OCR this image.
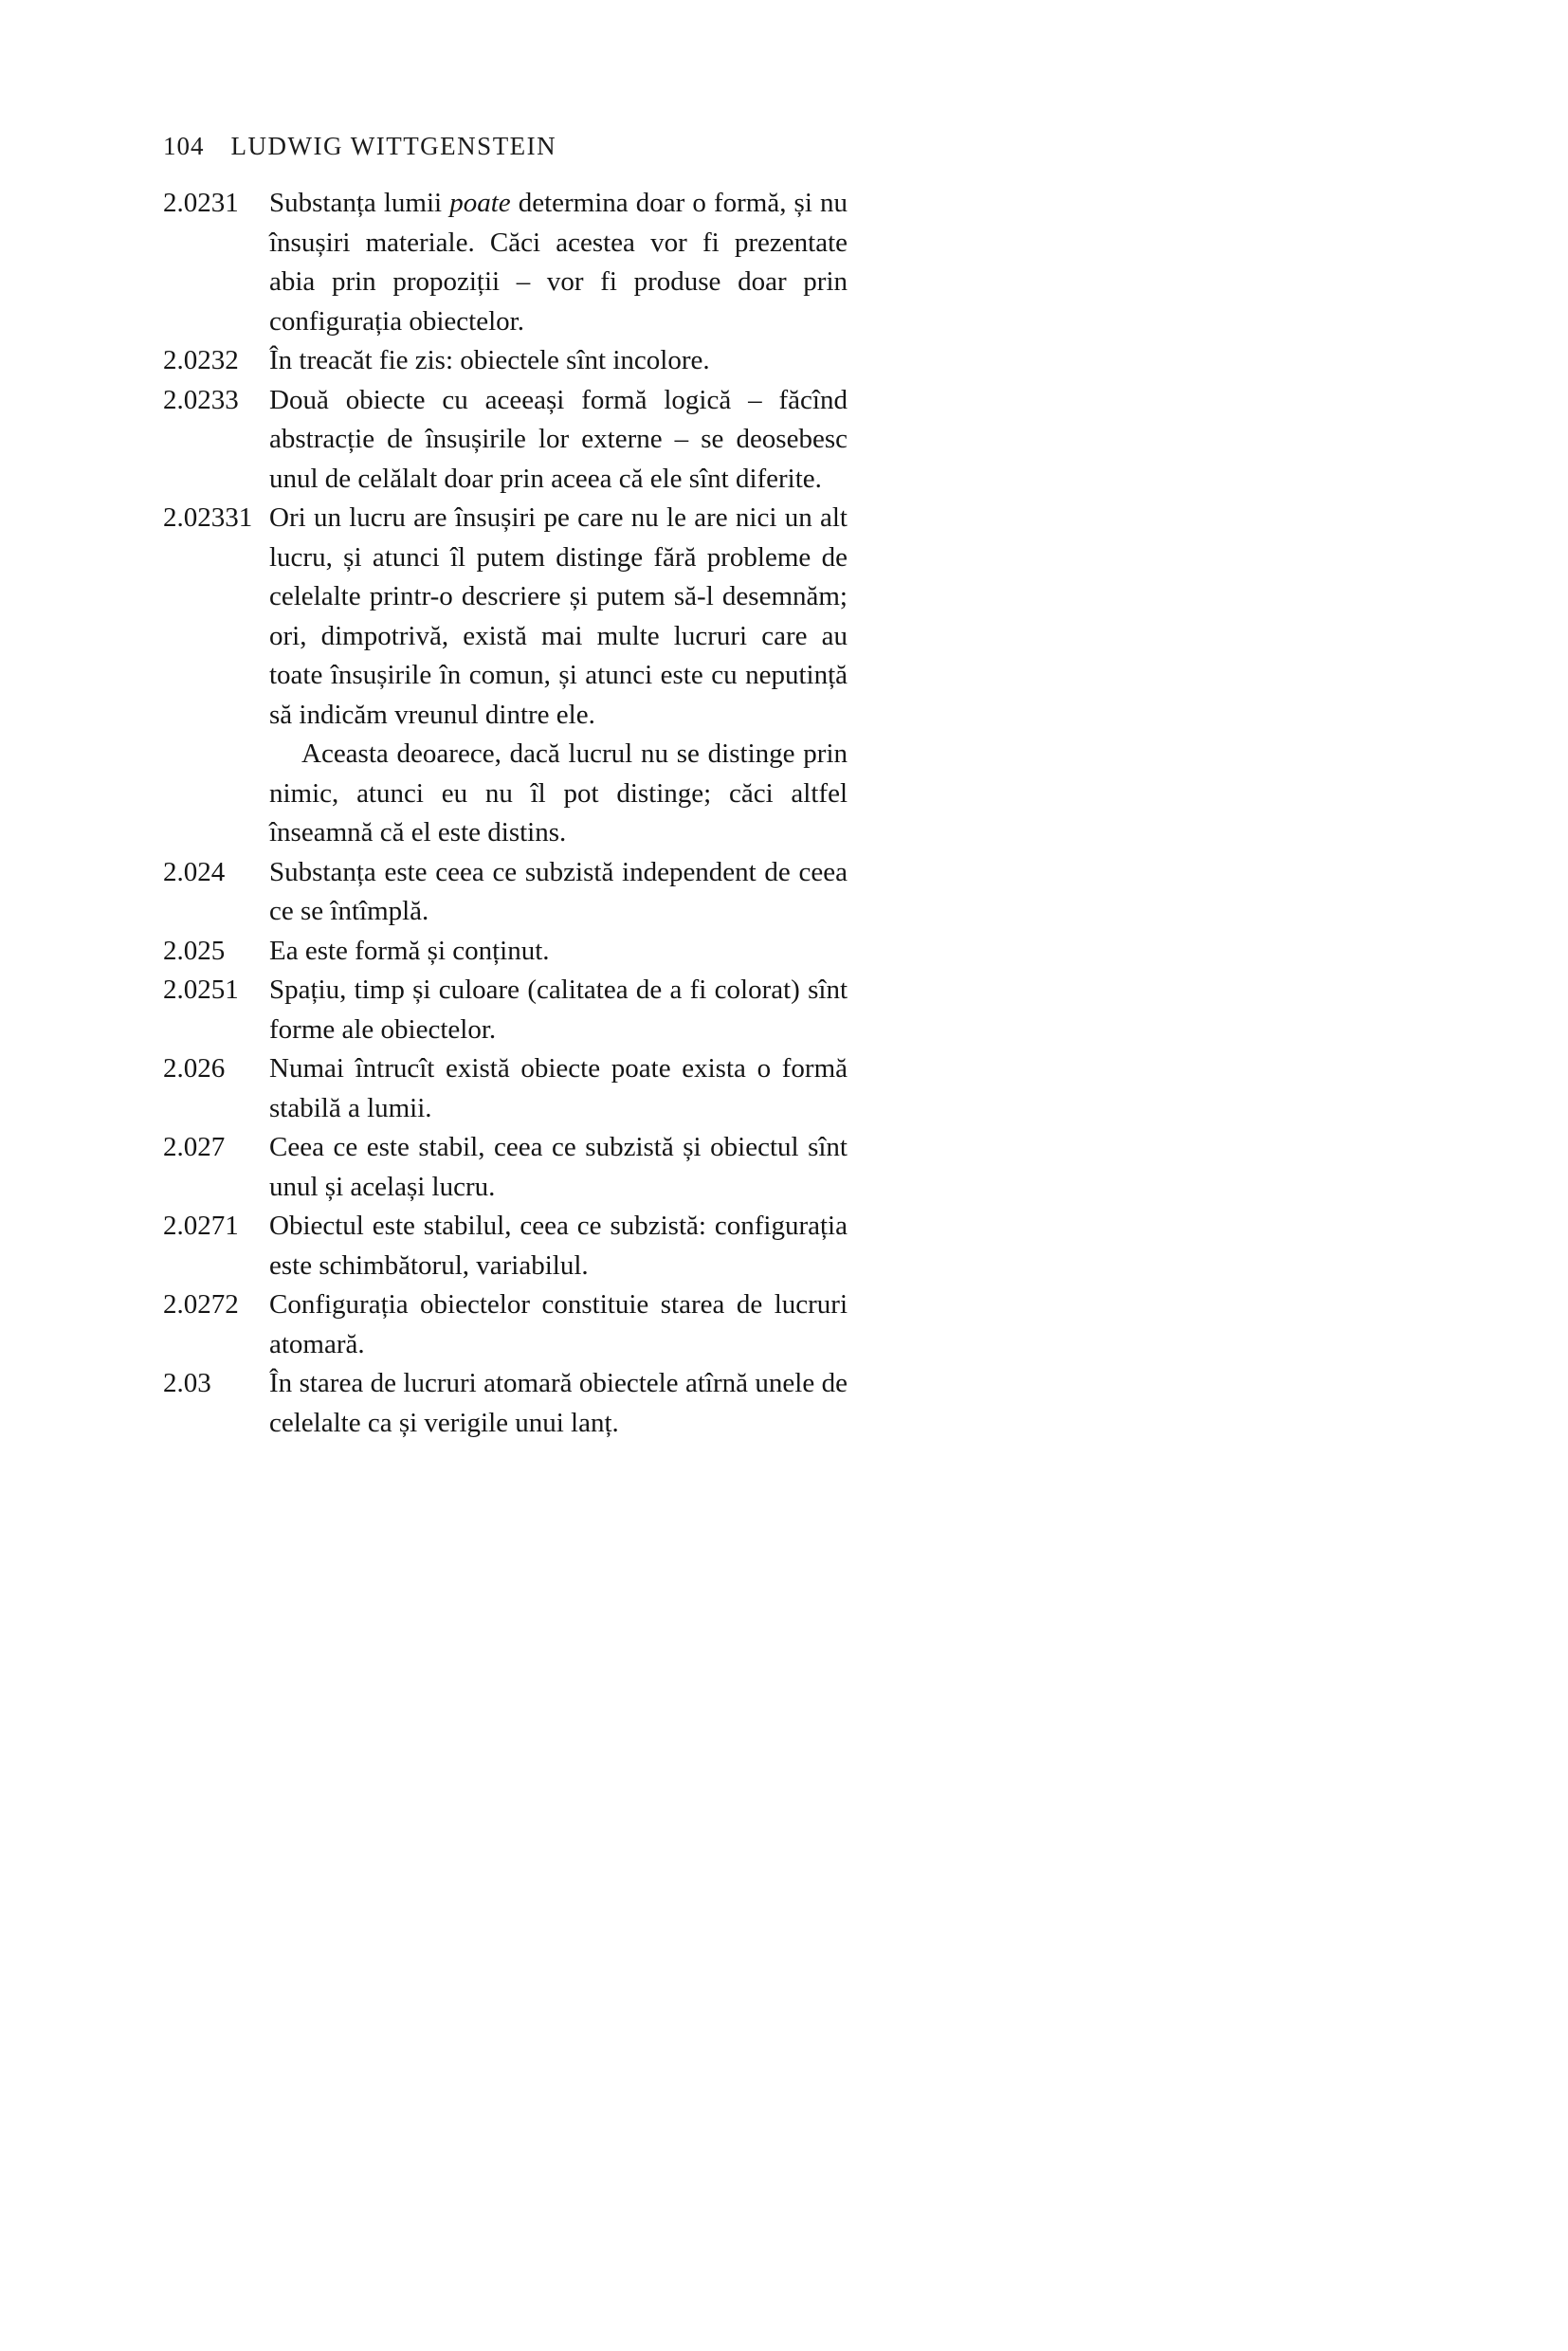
104 LUDWIG WITTGENSTEIN
2.0231	Substanța lumii poate determina doar o formă, și nu însușiri materiale. Căci acestea vor fi prezentate abia prin propoziții – vor fi produse doar prin configurația obiectelor.

2.0232	În treacăt fie zis: obiectele sînt incolore.

2.0233	Două obiecte cu aceeași formă logică – făcînd abstracție de însușirile lor externe – se deosebesc unul de celălalt doar prin aceea că ele sînt diferite.

2.02331 Ori un lucru are însușiri pe care nu le are nici un alt lucru, și atunci îl putem distinge fără probleme de celelalte printr-o descriere și putem să-l desemnăm; ori, dimpotrivă, există mai multe lucruri care au toate însușirile în comun, și atunci este cu neputință să indicăm vreunul dintre ele.

Aceasta deoarece, dacă lucrul nu se distinge prin nimic, atunci eu nu îl pot distinge; căci altfel înseamnă că el este distins.

2.024	Substanța este ceea ce subzistă independent de ceea ce se întîmplă.

2.025	Ea este formă și conținut.

2.0251	Spațiu, timp și culoare (calitatea de a fi colorat) sînt forme ale obiectelor.

2.026	Numai întrucît există obiecte poate exista o formă stabilă a lumii.

2.027	Ceea ce este stabil, ceea ce subzistă și obiectul sînt unul și același lucru.

2.0271	Obiectul este stabilul, ceea ce subzistă: configurația este schimbătorul, variabilul.

2.0272	Configurația obiectelor constituie starea de lucruri atomară.

2.03	În starea de lucruri atomară obiectele atîrnă unele de celelalte ca și verigile unui lanț.
